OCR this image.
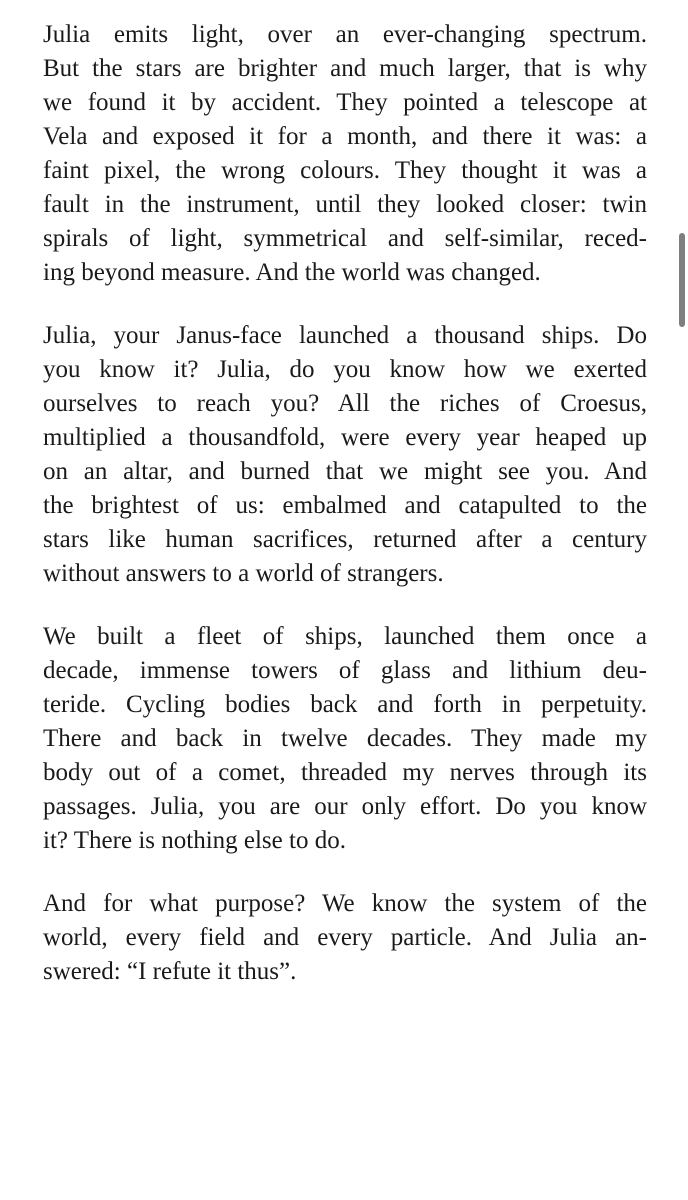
Julia emits light, over an ever-changing spectrum.
But the stars are brighter and much larger, that is why
we found it by accident. They pointed a telescope at
Vela and exposed it for a month, and there it was: a
faint pixel, the wrong colours. They thought it was a
fault in the instrument, until they looked closer: twin
spirals of light, symmetrical and self-similar, reced-
ing beyond measure. And the world was changed.
Julia, your Janus-face launched a thousand ships. Do
you know it? Julia, do you know how we exerted
ourselves to reach you? All the riches of Croesus,
multiplied a thousandfold, were every year heaped up
on an altar, and burned that we might see you. And
the brightest of us: embalmed and catapulted to the
stars like human sacrifices, returned after a century
without answers to a world of strangers.
We built a fleet of ships, launched them once a
decade, immense towers of glass and lithium deu-
teride. Cycling bodies back and forth in perpetuity.
There and back in twelve decades. They made my
body out of a comet, threaded my nerves through its
passages. Julia, you are our only effort. Do you know
it? There is nothing else to do.
And for what purpose? We know the system of the
world, every field and every particle. And Julia an-
swered: “I refute it thus”.
